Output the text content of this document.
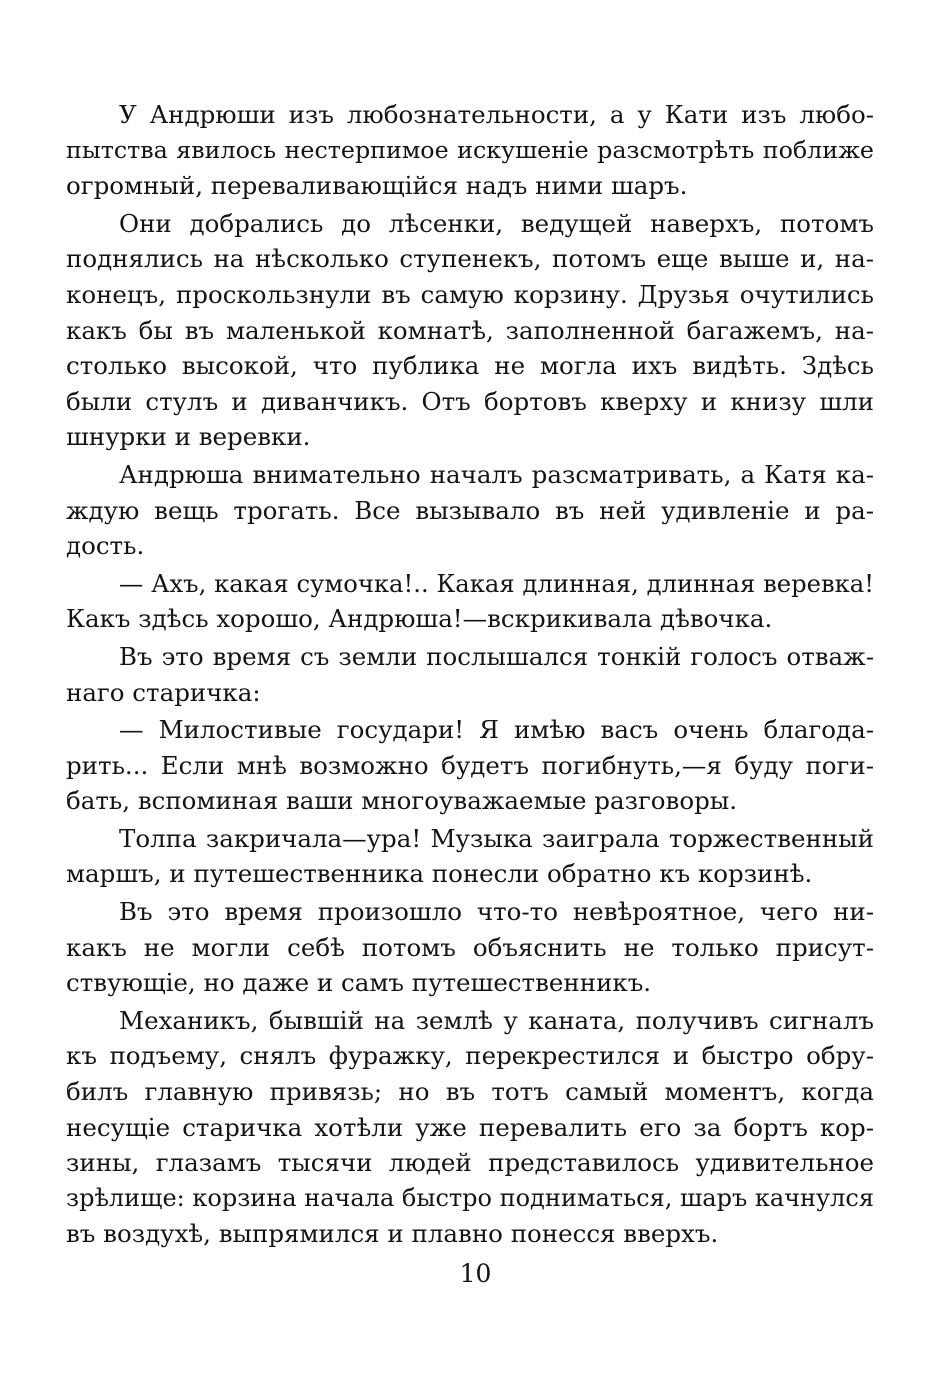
У Андрюши изъ любознательности, а у Кати изъ любо-
пытства явилось нестерпимое искушенiе разсмотрѣть поближе
огромный, переваливающiйся надъ ними шаръ.
Они добрались до лѣсенки, ведущей наверхъ, потомъ
поднялись на нѣсколько ступенекъ, потомъ еще выше и, на-
конецъ, проскользнули въ самую корзину. Друзья очутились
какъ бы въ маленькой комнатѣ, заполненной багажемъ, на-
столько высокой, что публика не могла ихъ видѣть. Здѣсь
были стулъ и диванчикъ. Отъ бортовъ кверху и книзу шли
шнурки и веревки.
Андрюша внимательно началъ разсматривать, а Катя ка-
ждую вещь трогать. Все вызывало въ ней удивленiе и ра-
дость.
— Ахъ, какая сумочка!.. Какая длинная, длинная веревка!
Какъ здѣсь хорошо, Андрюша!—вскрикивала дѣвочка.
Въ это время съ земли послышался тонкiй голосъ отваж-
наго старичка:
— Милостивые государи! Я имѣю васъ очень благода-
рить... Если мнѣ возможно будетъ погибнуть,—я буду поги-
бать, вспоминая ваши многоуважаемые разговоры.
Толпа закричала—ура! Музыка заиграла торжественный
маршъ, и путешественника понесли обратно къ корзинѣ.
Въ это время произошло что-то невѣроятное, чего ни-
какъ не могли себѣ потомъ объяснить не только присут-
ствующiе, но даже и самъ путешественникъ.
Механикъ, бывшiй на землѣ у каната, получивъ сигналъ
къ подъему, снялъ фуражку, перекрестился и быстро обру-
билъ главную привязь; но въ тотъ самый моментъ, когда
несущiе старичка хотѣли уже перевалить его за бортъ кор-
зины, глазамъ тысячи людей представилось удивительное
зрѣлище: корзина начала быстро подниматься, шаръ качнулся
въ воздухѣ, выпрямился и плавно понесся вверхъ.
10
